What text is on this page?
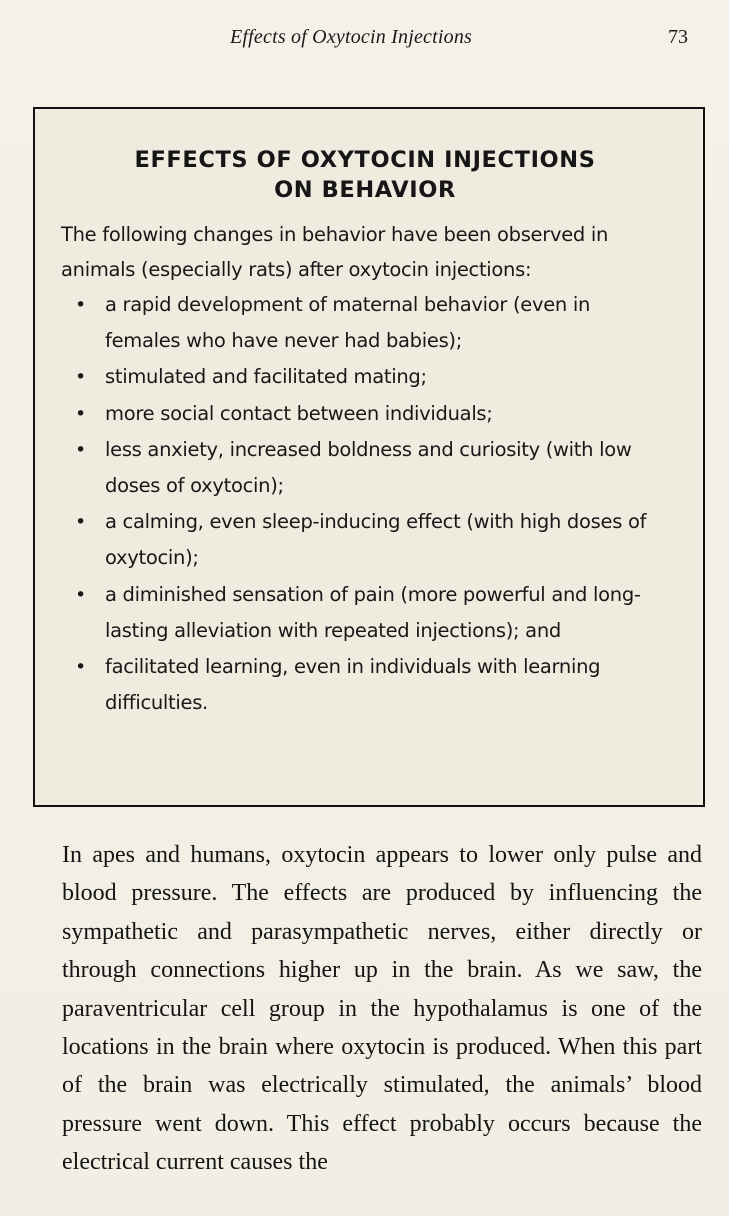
Effects of Oxytocin Injections	73
EFFECTS OF OXYTOCIN INJECTIONS
ON BEHAVIOR

The following changes in behavior have been observed in animals (especially rats) after oxytocin injections:

• a rapid development of maternal behavior (even in females who have never had babies);
• stimulated and facilitated mating;
• more social contact between individuals;
• less anxiety, increased boldness and curiosity (with low doses of oxytocin);
• a calming, even sleep-inducing effect (with high doses of oxytocin);
• a diminished sensation of pain (more powerful and long-lasting alleviation with repeated injections); and
• facilitated learning, even in individuals with learning difficulties.

In apes and humans, oxytocin appears to lower only pulse and blood pressure. The effects are produced by influencing the sympathetic and parasympathetic nerves, either directly or through connections higher up in the brain. As we saw, the paraventricular cell group in the hypothalamus is one of the locations in the brain where oxytocin is produced. When this part of the brain was electrically stimulated, the animals’ blood pressure went down. This effect probably occurs because the electrical current causes the
